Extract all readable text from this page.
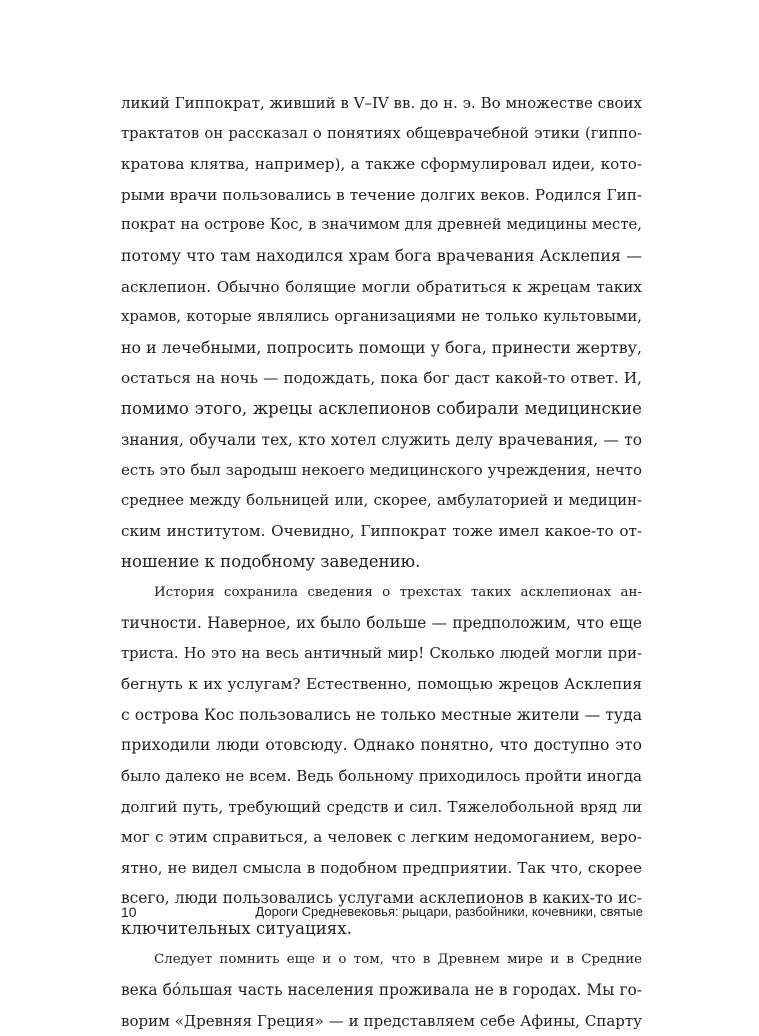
ликий Гиппократ, живший в V–IV вв. до н. э. Во множестве своих
трактатов он рассказал о понятиях общеврачебной этики (гиппо-
кратова клятва, например), а также сформулировал идеи, кото-
рыми врачи пользовались в течение долгих веков. Родился Гип-
пократ на острове Кос, в значимом для древней медицины месте,
потому что там находился храм бога врачевания Асклепия —
асклепион. Обычно болящие могли обратиться к жрецам таких
храмов, которые являлись организациями не только культовыми,
но и лечебными, попросить помощи у бога, принести жертву,
остаться на ночь — подождать, пока бог даст какой-то ответ. И,
помимо этого, жрецы асклепионов собирали медицинские
знания, обучали тех, кто хотел служить делу врачевания, — то
есть это был зародыш некоего медицинского учреждения, нечто
среднее между больницей или, скорее, амбулаторией и медицин-
ским институтом. Очевидно, Гиппократ тоже имел какое-то от-
ношение к подобному заведению.
История сохранила сведения о трехстах таких асклепионах ан-
тичности. Наверное, их было больше — предположим, что еще
триста. Но это на весь античный мир! Сколько людей могли при-
бегнуть к их услугам? Естественно, помощью жрецов Асклепия
с острова Кос пользовались не только местные жители — туда
приходили люди отовсюду. Однако понятно, что доступно это
было далеко не всем. Ведь больному приходилось пройти иногда
долгий путь, требующий средств и сил. Тяжелобольной вряд ли
мог с этим справиться, а человек с легким недомоганием, веро-
ятно, не видел смысла в подобном предприятии. Так что, скорее
всего, люди пользовались услугами асклепионов в каких-то ис-
ключительных ситуациях.
Следует помнить еще и о том, что в Древнем мире и в Средние
века бóльшая часть населения проживала не в городах. Мы го-
ворим «Древняя Греция» — и представляем себе Афины, Спарту
10	Дороги Средневековья: рыцари, разбойники, кочевники, святые
